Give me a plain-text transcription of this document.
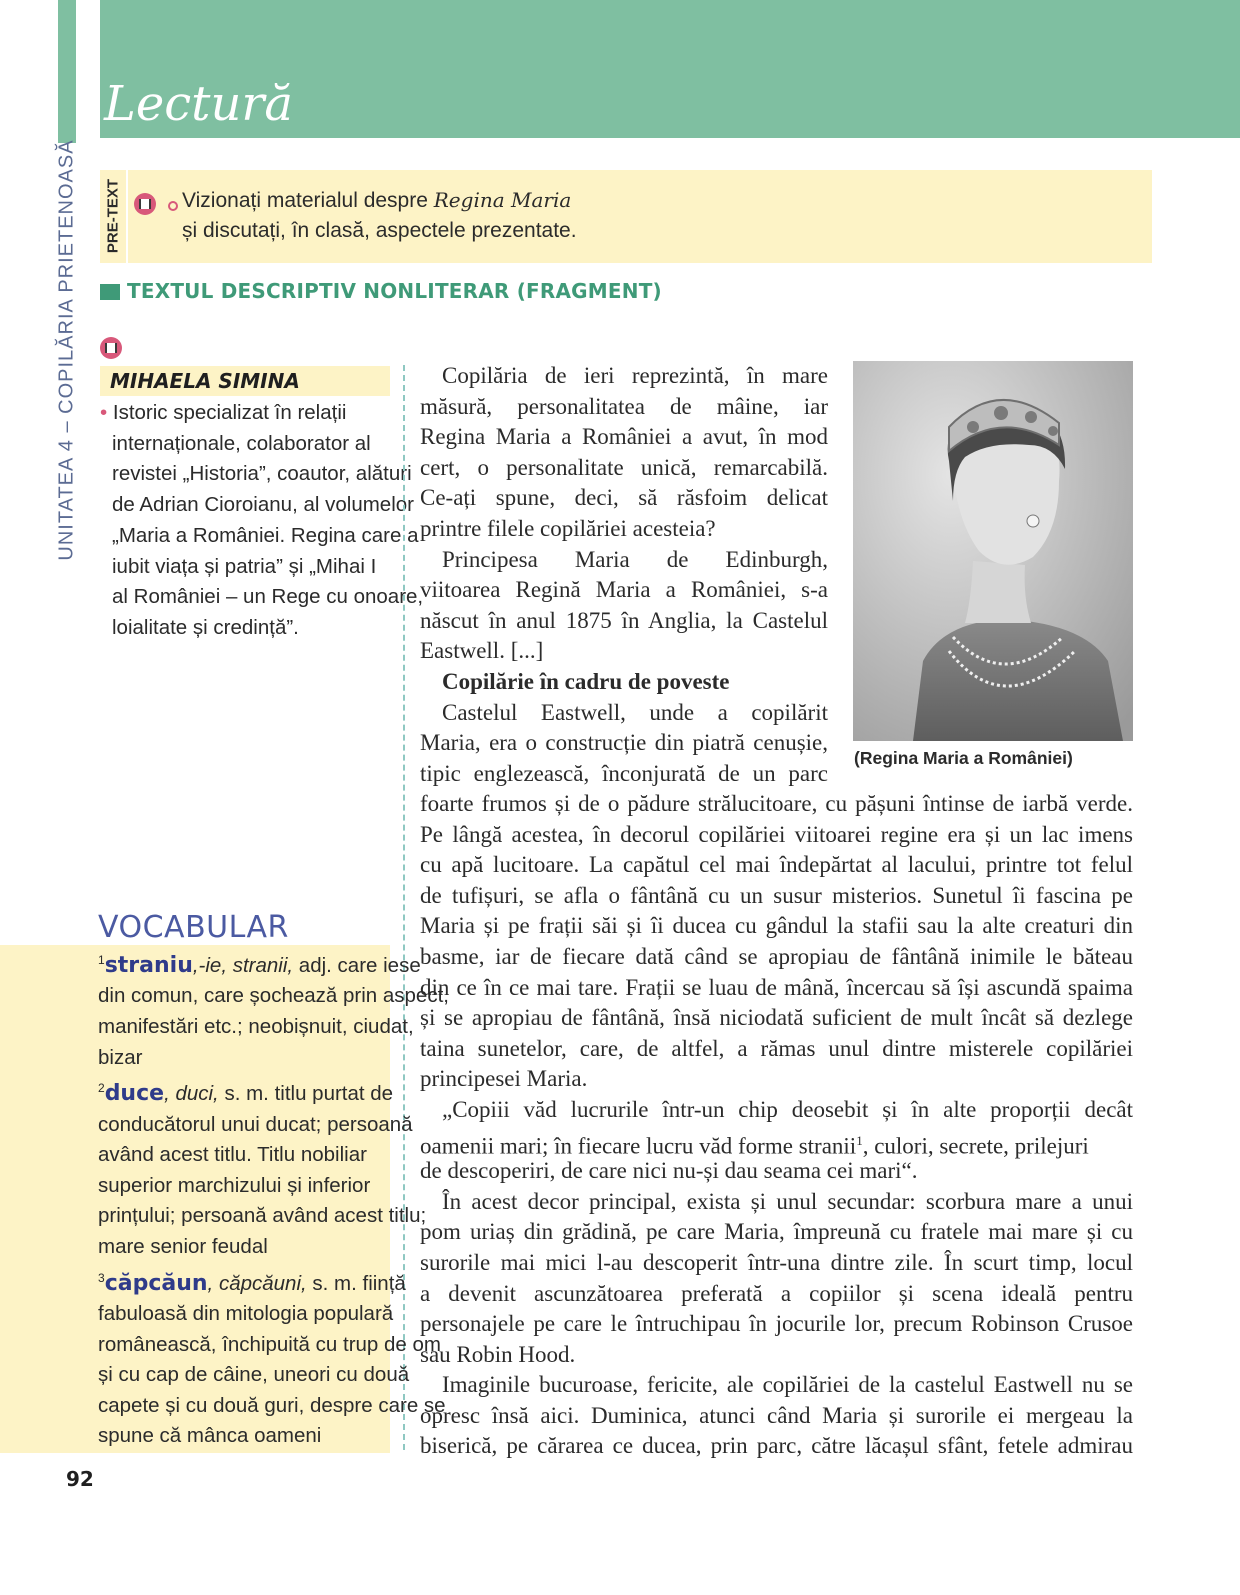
UNITATEA 4 – COPILĂRIA PRIETENOASĂ
Lectură
PRE-TEXT	Vizionați materialul despre Regina Maria
și discutați, în clasă, aspectele prezentate.
TEXTUL DESCRIPTIV NONLITERAR (FRAGMENT)
MIHAELA SIMINA
• Istoric specializat în relații
internaționale, colaborator al
revistei „Historia”, coautor, alături
de Adrian Cioroianu, al volumelor
„Maria a României. Regina care a
iubit viața și patria” și „Mihai I
al României – un Rege cu onoare,
loialitate și credință”.
VOCABULAR
$^1$straniu,-ie, stranii, adj. care iese
din comun, care șochează prin aspect,
manifestări etc.; neobișnuit, ciudat,
bizar
$^2$duce, duci, s. m. titlu purtat de
conducătorul unui ducat; persoană
având acest titlu. Titlu nobiliar
superior marchizului și inferior
prințului; persoană având acest titlu;
mare senior feudal
$^3$căpcăun, căpcăuni, s. m. ființă
fabuloasă din mitologia populară
românească, închipuită cu trup de om
și cu cap de câine, uneori cu două
capete și cu două guri, despre care se
spune că mânca oameni
(Regina Maria a României)
Copilăria de ieri reprezintă, în mare
măsură, personalitatea de mâine, iar
Regina Maria a României a avut, în mod
cert, o personalitate unică, remarcabilă.
Ce-ați spune, deci, să răsfoim delicat
printre filele copilăriei acesteia?
Principesa Maria de Edinburgh,
viitoarea Regină Maria a României, s-a
născut în anul 1875 în Anglia, la Castelul
Eastwell. [...]
Copilărie în cadru de poveste
Castelul Eastwell, unde a copilărit
Maria, era o construcție din piatră cenușie,
tipic englezească, înconjurată de un parc
foarte frumos și de o pădure strălucitoare, cu pășuni întinse de iarbă verde.
Pe lângă acestea, în decorul copilăriei viitoarei regine era și un lac imens
cu apă lucitoare. La capătul cel mai îndepărtat al lacului, printre tot felul
de tufișuri, se afla o fântână cu un susur misterios. Sunetul îi fascina pe
Maria și pe frații săi și îi ducea cu gândul la stafii sau la alte creaturi din
basme, iar de fiecare dată când se apropiau de fântână inimile le băteau
din ce în ce mai tare. Frații se luau de mână, încercau să își ascundă spaima
și se apropiau de fântână, însă niciodată suficient de mult încât să dezlege
taina sunetelor, care, de altfel, a rămas unul dintre misterele copilăriei
principesei Maria.
„Copiii văd lucrurile într-un chip deosebit și în alte proporții decât
oamenii mari; în fiecare lucru văd forme stranii$^1$, culori, secrete, prilejuri
de descoperiri, de care nici nu-și dau seama cei mari“.
În acest decor principal, exista și unul secundar: scorbura mare a unui
pom uriaș din grădină, pe care Maria, împreună cu fratele mai mare și cu
surorile mai mici l-au descoperit într-una dintre zile. În scurt timp, locul
a devenit ascunzătoarea preferată a copiilor și scena ideală pentru
personajele pe care le întruchipau în jocurile lor, precum Robinson Crusoe
sau Robin Hood.
Imaginile bucuroase, fericite, ale copilăriei de la castelul Eastwell nu se
opresc însă aici. Duminica, atunci când Maria și surorile ei mergeau la
biserică, pe cărarea ce ducea, prin parc, către lăcașul sfânt, fetele admirau
92
